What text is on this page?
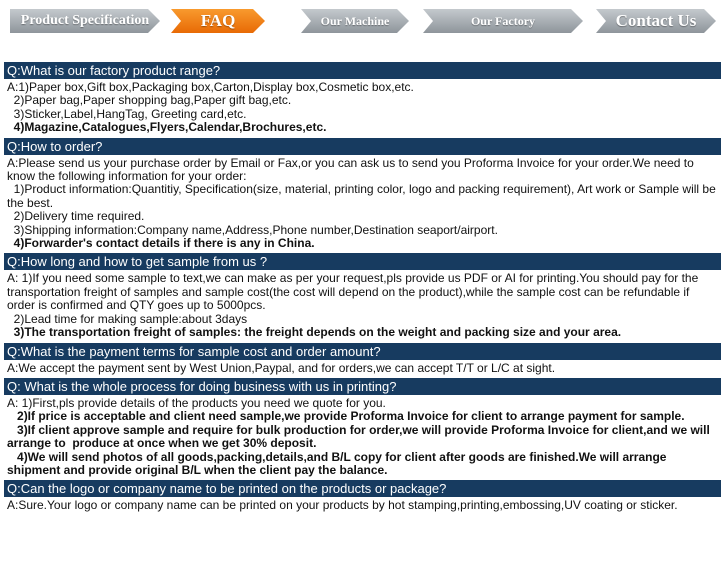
Product Specification	FAQ	Our Machine	Our Factory	Contact Us
Q:What is our factory product range?
A:1)Paper box,Gift box,Packaging box,Carton,Display box,Cosmetic box,etc.
2)Paper bag,Paper shopping bag,Paper gift bag,etc.
3)Sticker,Label,HangTag, Greeting card,etc.
4)Magazine,Catalogues,Flyers,Calendar,Brochures,etc.
Q:How to order?
A:Please send us your purchase order by Email or Fax,or you can ask us to send you Proforma Invoice for your order.We need to know the following information for your order:
1)Product information:Quantitiy, Specification(size, material, printing color, logo and packing requirement), Art work or Sample will be the best.
2)Delivery time required.
3)Shipping information:Company name,Address,Phone number,Destination seaport/airport.
4)Forwarder's contact details if there is any in China.
Q:How long and how to get sample from us ?
A: 1)If you need some sample to text,we can make as per your request,pls provide us PDF or AI for printing.You should pay for the transportation freight of samples and sample cost(the cost will depend on the product),while the sample cost can be refundable if order is confirmed and QTY goes up to 5000pcs.
2)Lead time for making sample:about 3days
3)The transportation freight of samples: the freight depends on the weight and packing size and your area.
Q:What is the payment terms for sample cost and order amount?
A:We accept the payment sent by West Union,Paypal, and for orders,we can accept T/T or L/C at sight.
Q: What is the whole process for doing business with us in printing?
A: 1)First,pls provide details of the products you need we quote for you.
2)If price is acceptable and client need sample,we provide Proforma Invoice for client to arrange payment for sample.
3)If client approve sample and require for bulk production for order,we will provide Proforma Invoice for client,and we will arrange to  produce at once when we get 30% deposit.
4)We will send photos of all goods,packing,details,and B/L copy for client after goods are finished.We will arrange shipment and provide original B/L when the client pay the balance.
Q:Can the logo or company name to be printed on the products or package?
A:Sure.Your logo or company name can be printed on your products by hot stamping,printing,embossing,UV coating or sticker.
